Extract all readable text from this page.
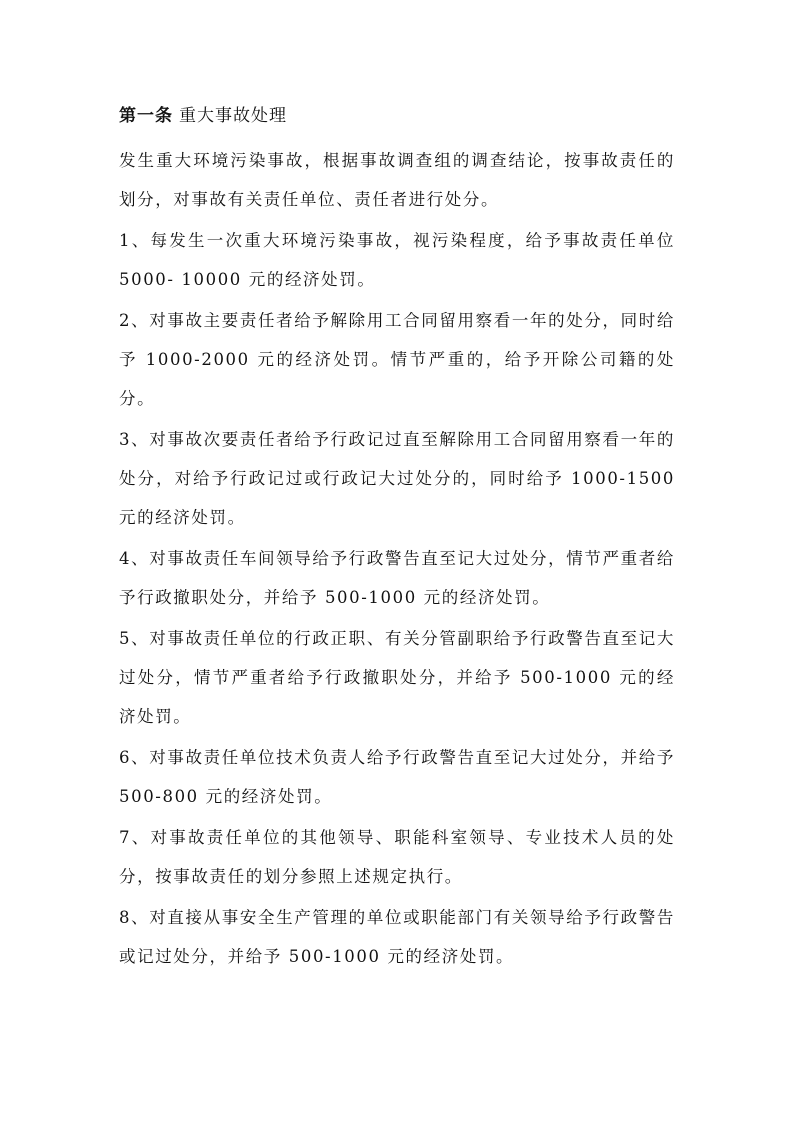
第一条 重大事故处理

发生重大环境污染事故，根据事故调查组的调查结论，按事故责任的划分，对事故有关责任单位、责任者进行处分。

1、每发生一次重大环境污染事故，视污染程度，给予事故责任单位 5000- 10000 元的经济处罚。

2、对事故主要责任者给予解除用工合同留用察看一年的处分，同时给予 1000-2000 元的经济处罚。情节严重的，给予开除公司籍的处分。

3、对事故次要责任者给予行政记过直至解除用工合同留用察看一年的处分，对给予行政记过或行政记大过处分的，同时给予 1000-1500 元的经济处罚。

4、对事故责任车间领导给予行政警告直至记大过处分，情节严重者给予行政撤职处分，并给予 500-1000 元的经济处罚。

5、对事故责任单位的行政正职、有关分管副职给予行政警告直至记大过处分，情节严重者给予行政撤职处分，并给予 500-1000 元的经济处罚。

6、对事故责任单位技术负责人给予行政警告直至记大过处分，并给予 500-800 元的经济处罚。

7、对事故责任单位的其他领导、职能科室领导、专业技术人员的处分，按事故责任的划分参照上述规定执行。

8、对直接从事安全生产管理的单位或职能部门有关领导给予行政警告或记过处分，并给予 500-1000 元的经济处罚。
